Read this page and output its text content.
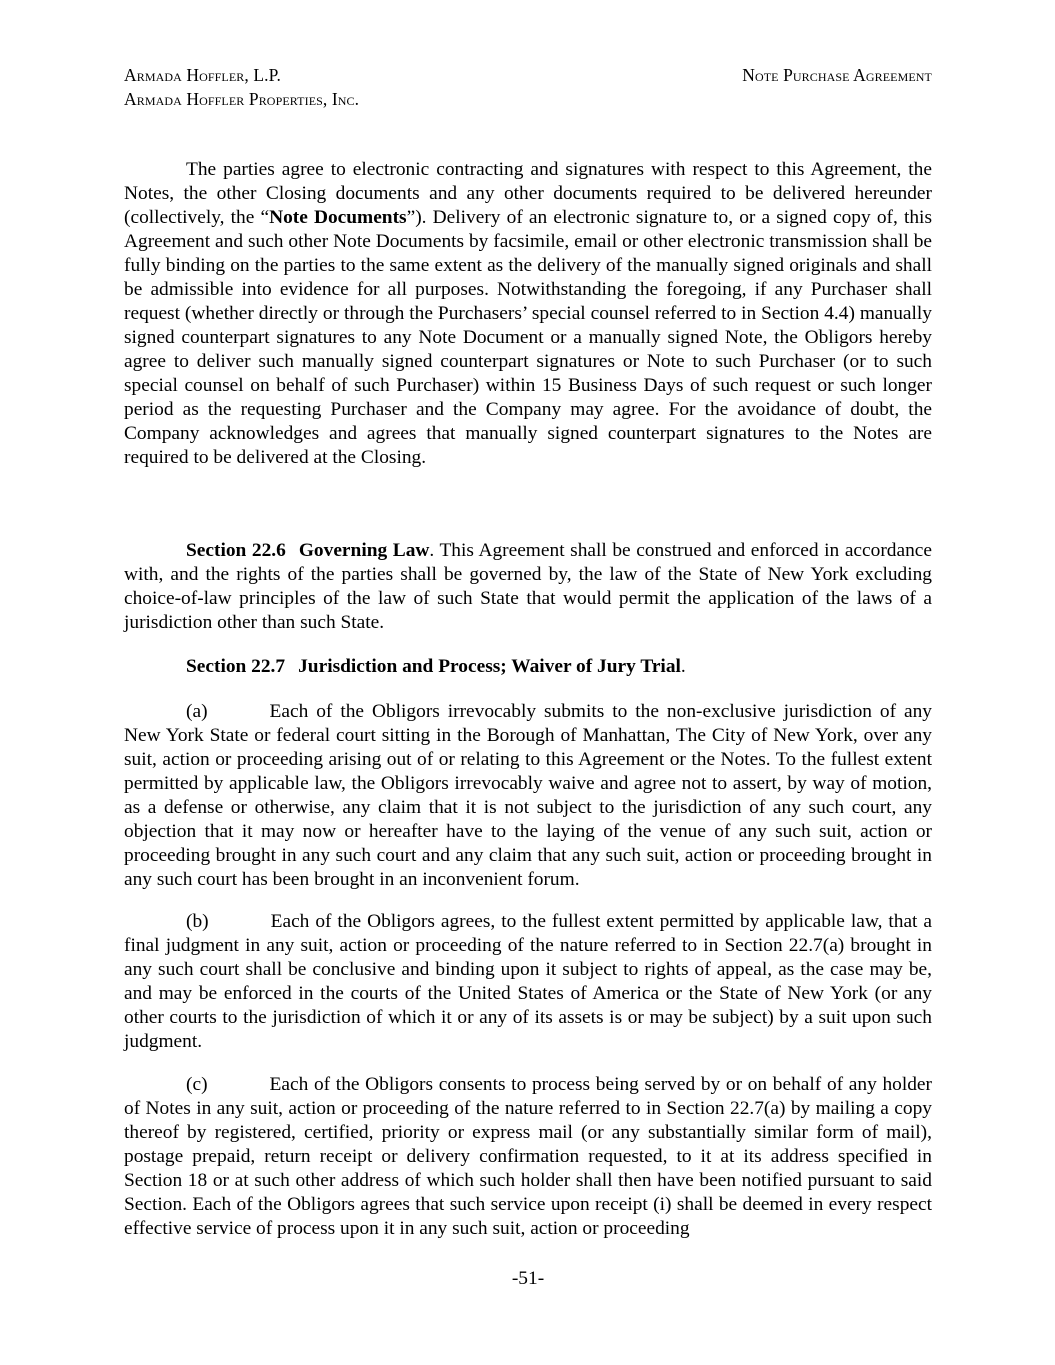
Armada Hoffler, L.P.
Armada Hoffler Properties, Inc.
Note Purchase Agreement

The parties agree to electronic contracting and signatures with respect to this Agreement, the Notes, the other Closing documents and any other documents required to be delivered hereunder (collectively, the “Note Documents”). Delivery of an electronic signature to, or a signed copy of, this Agreement and such other Note Documents by facsimile, email or other electronic transmission shall be fully binding on the parties to the same extent as the delivery of the manually signed originals and shall be admissible into evidence for all purposes. Notwithstanding the foregoing, if any Purchaser shall request (whether directly or through the Purchasers’ special counsel referred to in Section 4.4) manually signed counterpart signatures to any Note Document or a manually signed Note, the Obligors hereby agree to deliver such manually signed counterpart signatures or Note to such Purchaser (or to such special counsel on behalf of such Purchaser) within 15 Business Days of such request or such longer period as the requesting Purchaser and the Company may agree. For the avoidance of doubt, the Company acknowledges and agrees that manually signed counterpart signatures to the Notes are required to be delivered at the Closing.

Section 22.6 Governing Law. This Agreement shall be construed and enforced in accordance with, and the rights of the parties shall be governed by, the law of the State of New York excluding choice-of-law principles of the law of such State that would permit the application of the laws of a jurisdiction other than such State.

Section 22.7 Jurisdiction and Process; Waiver of Jury Trial.

(a)	Each of the Obligors irrevocably submits to the non-exclusive jurisdiction of any New York State or federal court sitting in the Borough of Manhattan, The City of New York, over any suit, action or proceeding arising out of or relating to this Agreement or the Notes. To the fullest extent permitted by applicable law, the Obligors irrevocably waive and agree not to assert, by way of motion, as a defense or otherwise, any claim that it is not subject to the jurisdiction of any such court, any objection that it may now or hereafter have to the laying of the venue of any such suit, action or proceeding brought in any such court and any claim that any such suit, action or proceeding brought in any such court has been brought in an inconvenient forum.

(b)	Each of the Obligors agrees, to the fullest extent permitted by applicable law, that a final judgment in any suit, action or proceeding of the nature referred to in Section 22.7(a) brought in any such court shall be conclusive and binding upon it subject to rights of appeal, as the case may be, and may be enforced in the courts of the United States of America or the State of New York (or any other courts to the jurisdiction of which it or any of its assets is or may be subject) by a suit upon such judgment.

(c)	Each of the Obligors consents to process being served by or on behalf of any holder of Notes in any suit, action or proceeding of the nature referred to in Section 22.7(a) by mailing a copy thereof by registered, certified, priority or express mail (or any substantially similar form of mail), postage prepaid, return receipt or delivery confirmation requested, to it at its address specified in Section 18 or at such other address of which such holder shall then have been notified pursuant to said Section. Each of the Obligors agrees that such service upon receipt (i) shall be deemed in every respect effective service of process upon it in any such suit, action or proceeding

-51-
